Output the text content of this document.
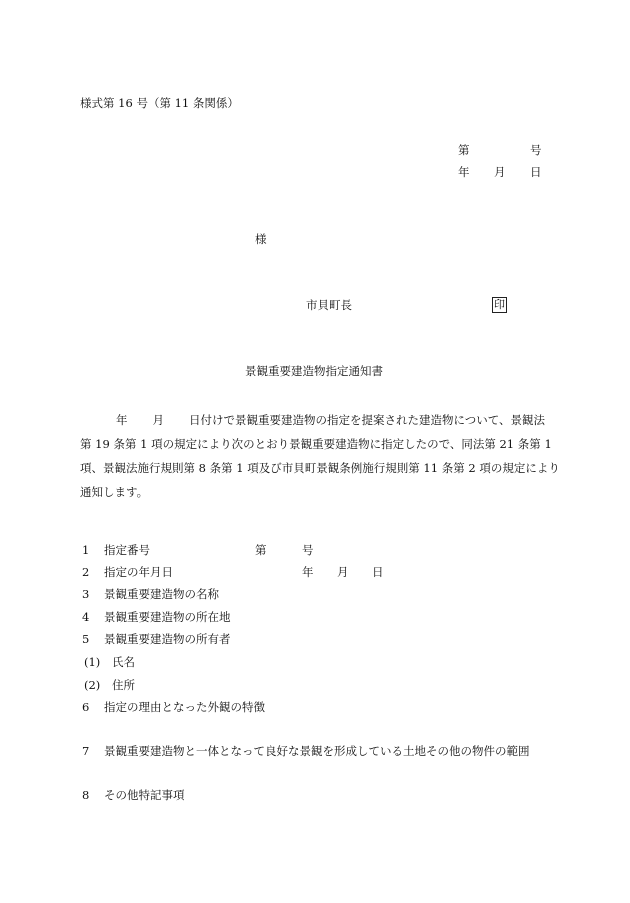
様式第 16 号（第 11 条関係）
第	号
年 月 日
様
市貝町長	印
景観重要建造物指定通知書
年 月 日付けで景観重要建造物の指定を提案された建造物について、景観法
第 19 条第 1 項の規定により次のとおり景観重要建造物に指定したので、同法第 21 条第 1
項、景観法施行規則第 8 条第 1 項及び市貝町景観条例施行規則第 11 条第 2 項の規定により
通知します。
1 指定番号	第	号
2 指定の年月日	年 月 日
3 景観重要建造物の名称
4 景観重要建造物の所在地
5 景観重要建造物の所有者
(1) 氏名
(2) 住所
6 指定の理由となった外観の特徴
7 景観重要建造物と一体となって良好な景観を形成している土地その他の物件の範囲
8 その他特記事項
